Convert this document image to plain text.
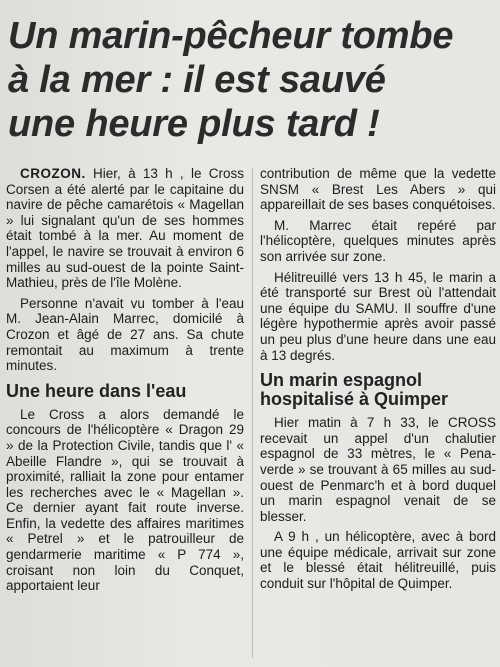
Un marin-pêcheur tombe
à la mer : il est sauvé
une heure plus tard !

CROZON. Hier, à 13 h , le Cross Corsen a été alerté par le capitaine du navire de pêche camarétois « Magellan » lui signalant qu'un de ses hommes était tombé à la mer. Au moment de l'appel, le navire se trouvait à environ 6 milles au sud-ouest de la pointe Saint-Mathieu, près de l'île Molène.

Personne n'avait vu tomber à l'eau M. Jean-Alain Marrec, domicilé à Crozon et âgé de 27 ans. Sa chute remontait au maximum à trente minutes.

Une heure dans l'eau

Le Cross a alors demandé le concours de l'hélicoptère « Dragon 29 » de la Protection Civile, tandis que l' « Abeille Flandre », qui se trouvait à proximité, ralliait la zone pour entamer les recherches avec le « Magellan ». Ce dernier ayant fait route inverse. Enfin, la vedette des affaires maritimes « Petrel » et le patrouilleur de gendarmerie maritime « P 774 », croisant non loin du Conquet, apportaient leur

contribution de même que la vedette SNSM « Brest Les Abers » qui appareillait de ses bases conquétoises.

M. Marrec était repéré par l'hélicoptère, quelques minutes après son arrivée sur zone.

Hélitreuillé vers 13 h 45, le marin a été transporté sur Brest où l'attendait une équipe du SAMU. Il souffre d'une légère hypothermie après avoir passé un peu plus d'une heure dans une eau à 13 degrés.

Un marin espagnol hospitalisé à Quimper

Hier matin à 7 h 33, le CROSS recevait un appel d'un chalutier espagnol de 33 mètres, le « Pena-verde » se trouvant à 65 milles au sud-ouest de Penmarc'h et à bord duquel un marin espagnol venait de se blesser.

A 9 h , un hélicoptère, avec à bord une équipe médicale, arrivait sur zone et le blessé était hélitreuillé, puis conduit sur l'hôpital de Quimper.
